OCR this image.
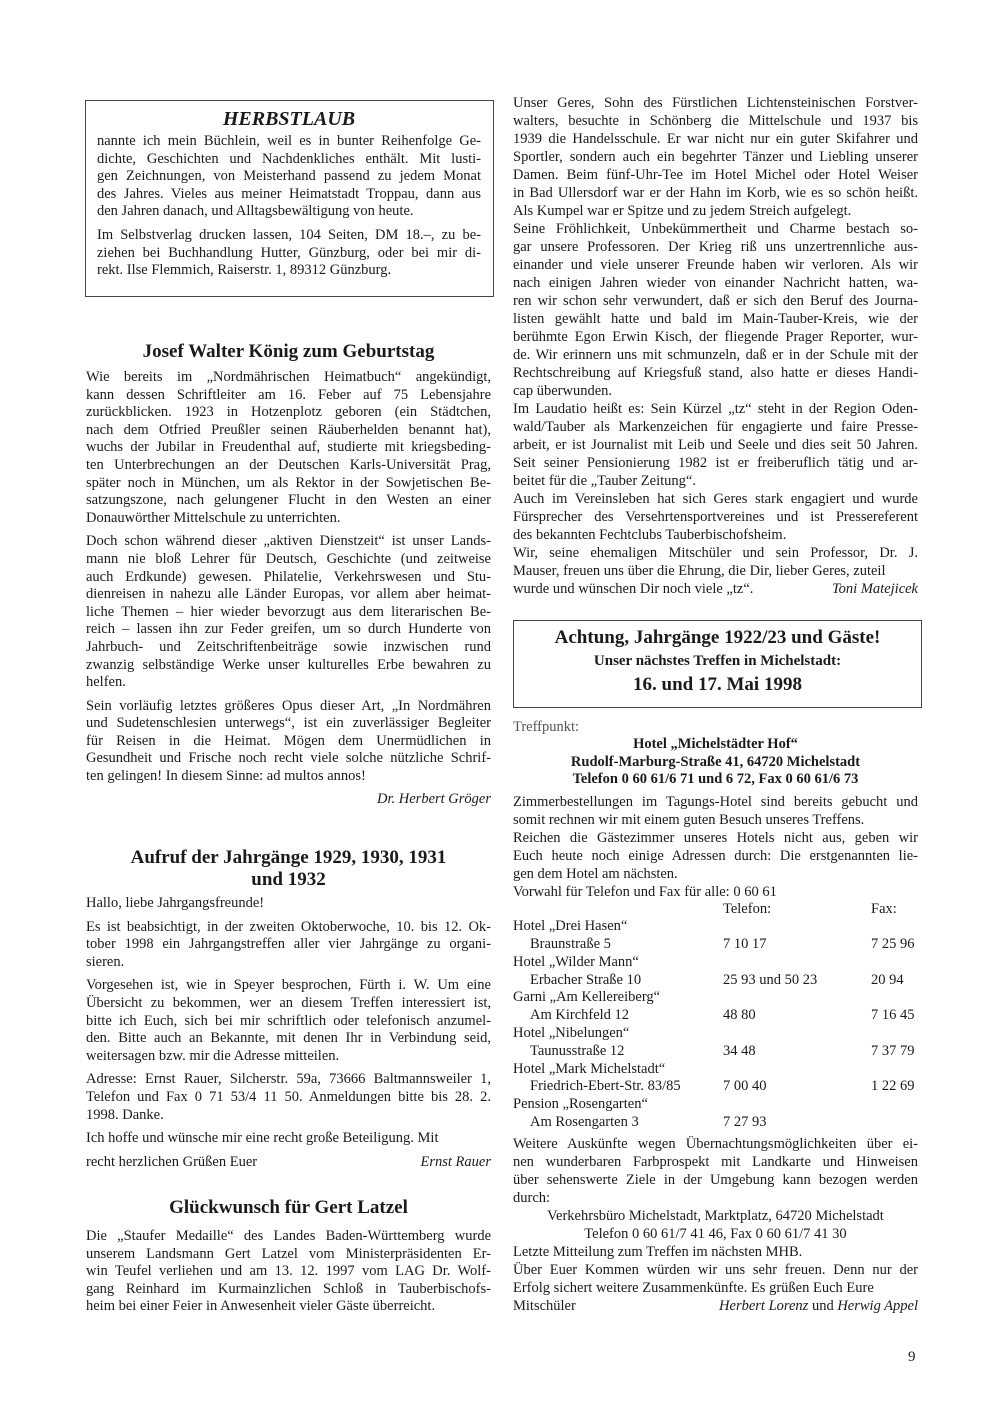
HERBSTLAUB
nannte ich mein Büchlein, weil es in bunter Reihenfolge Ge-
dichte, Geschichten und Nachdenkliches enthält. Mit lusti-
gen Zeichnungen, von Meisterhand passend zu jedem Monat
des Jahres. Vieles aus meiner Heimatstadt Troppau, dann aus
den Jahren danach, und Alltagsbewältigung von heute.
Im Selbstverlag drucken lassen, 104 Seiten, DM 18.–, zu be-
ziehen bei Buchhandlung Hutter, Günzburg, oder bei mir di-
rekt. Ilse Flemmich, Raiserstr. 1, 89312 Günzburg.
Josef Walter König zum Geburtstag
Wie bereits im „Nordmährischen Heimatbuch“ angekündigt,
kann dessen Schriftleiter am 16. Feber auf 75 Lebensjahre
zurückblicken. 1923 in Hotzenplotz geboren (ein Städtchen,
nach dem Otfried Preußler seinen Räuberhelden benannt hat),
wuchs der Jubilar in Freudenthal auf, studierte mit kriegsbeding-
ten Unterbrechungen an der Deutschen Karls-Universität Prag,
später noch in München, um als Rektor in der Sowjetischen Be-
satzungszone, nach gelungener Flucht in den Westen an einer
Donauwörther Mittelschule zu unterrichten.
Doch schon während dieser „aktiven Dienstzeit“ ist unser Lands-
mann nie bloß Lehrer für Deutsch, Geschichte (und zeitweise
auch Erdkunde) gewesen. Philatelie, Verkehrswesen und Stu-
dienreisen in nahezu alle Länder Europas, vor allem aber heimat-
liche Themen – hier wieder bevorzugt aus dem literarischen Be-
reich – lassen ihn zur Feder greifen, um so durch Hunderte von
Jahrbuch- und Zeitschriftenbeiträge sowie inzwischen rund
zwanzig selbständige Werke unser kulturelles Erbe bewahren zu
helfen.
Sein vorläufig letztes größeres Opus dieser Art, „In Nordmähren
und Sudetenschlesien unterwegs“, ist ein zuverlässiger Begleiter
für Reisen in die Heimat. Mögen dem Unermüdlichen in
Gesundheit und Frische noch recht viele solche nützliche Schrif-
ten gelingen! In diesem Sinne: ad multos annos!
Dr. Herbert Gröger
Aufruf der Jahrgänge 1929, 1930, 1931
und 1932
Hallo, liebe Jahrgangsfreunde!
Es ist beabsichtigt, in der zweiten Oktoberwoche, 10. bis 12. Ok-
tober 1998 ein Jahrgangstreffen aller vier Jahrgänge zu organi-
sieren.
Vorgesehen ist, wie in Speyer besprochen, Fürth i. W. Um eine
Übersicht zu bekommen, wer an diesem Treffen interessiert ist,
bitte ich Euch, sich bei mir schriftlich oder telefonisch anzumel-
den. Bitte auch an Bekannte, mit denen Ihr in Verbindung seid,
weitersagen bzw. mir die Adresse mitteilen.
Adresse: Ernst Rauer, Silcherstr. 59a, 73666 Baltmannsweiler 1,
Telefon und Fax 0 71 53/4 11 50. Anmeldungen bitte bis 28. 2.
1998. Danke.
Ich hoffe und wünsche mir eine recht große Beteiligung. Mit
recht herzlichen Grüßen Euer	Ernst Rauer
Glückwunsch für Gert Latzel
Die „Staufer Medaille“ des Landes Baden-Württemberg wurde
unserem Landsmann Gert Latzel vom Ministerpräsidenten Er-
win Teufel verliehen und am 13. 12. 1997 vom LAG Dr. Wolf-
gang Reinhard im Kurmainzlichen Schloß in Tauberbischofs-
heim bei einer Feier in Anwesenheit vieler Gäste überreicht.
Unser Geres, Sohn des Fürstlichen Lichtensteinischen Forstver-
walters, besuchte in Schönberg die Mittelschule und 1937 bis
1939 die Handelsschule. Er war nicht nur ein guter Skifahrer und
Sportler, sondern auch ein begehrter Tänzer und Liebling unserer
Damen. Beim fünf-Uhr-Tee im Hotel Michel oder Hotel Weiser
in Bad Ullersdorf war er der Hahn im Korb, wie es so schön heißt.
Als Kumpel war er Spitze und zu jedem Streich aufgelegt.
Seine Fröhlichkeit, Unbekümmertheit und Charme bestach so-
gar unsere Professoren. Der Krieg riß uns unzertrennliche aus-
einander und viele unserer Freunde haben wir verloren. Als wir
nach einigen Jahren wieder von einander Nachricht hatten, wa-
ren wir schon sehr verwundert, daß er sich den Beruf des Journa-
listen gewählt hatte und bald im Main-Tauber-Kreis, wie der
berühmte Egon Erwin Kisch, der fliegende Prager Reporter, wur-
de. Wir erinnern uns mit schmunzeln, daß er in der Schule mit der
Rechtschreibung auf Kriegsfuß stand, also hatte er dieses Handi-
cap überwunden.
Im Laudatio heißt es: Sein Kürzel „tz“ steht in der Region Oden-
wald/Tauber als Markenzeichen für engagierte und faire Presse-
arbeit, er ist Journalist mit Leib und Seele und dies seit 50 Jahren.
Seit seiner Pensionierung 1982 ist er freiberuflich tätig und ar-
beitet für die „Tauber Zeitung“.
Auch im Vereinsleben hat sich Geres stark engagiert und wurde
Fürsprecher des Versehrtensportvereines und ist Pressereferent
des bekannten Fechtclubs Tauberbischofsheim.
Wir, seine ehemaligen Mitschüler und sein Professor, Dr. J.
Mauser, freuen uns über die Ehrung, die Dir, lieber Geres, zuteil
wurde und wünschen Dir noch viele „tz“.	Toni Matejicek
Achtung, Jahrgänge 1922/23 und Gäste!
Unser nächstes Treffen in Michelstadt:
16. und 17. Mai 1998
Treffpunkt:
Hotel „Michelstädter Hof“
Rudolf-Marburg-Straße 41, 64720 Michelstadt
Telefon 0 60 61/6 71 und 6 72, Fax 0 60 61/6 73
Zimmerbestellungen im Tagungs-Hotel sind bereits gebucht und
somit rechnen wir mit einem guten Besuch unseres Treffens.
Reichen die Gästezimmer unseres Hotels nicht aus, geben wir
Euch heute noch einige Adressen durch: Die erstgenannten lie-
gen dem Hotel am nächsten.
Vorwahl für Telefon und Fax für alle: 0 60 61
Telefon:	Fax:
Hotel „Drei Hasen“
Braunstraße 5	7 10 17	7 25 96
Hotel „Wilder Mann“
Erbacher Straße 10	25 93 und 50 23	20 94
Garni „Am Kellereiberg“
Am Kirchfeld 12	48 80	7 16 45
Hotel „Nibelungen“
Taunusstraße 12	34 48	7 37 79
Hotel „Mark Michelstadt“
Friedrich-Ebert-Str. 83/85	7 00 40	1 22 69
Pension „Rosengarten“
Am Rosengarten 3	7 27 93
Weitere Auskünfte wegen Übernachtungsmöglichkeiten über ei-
nen wunderbaren Farbprospekt mit Landkarte und Hinweisen
über sehenswerte Ziele in der Umgebung kann bezogen werden
durch:
Verkehrsbüro Michelstadt, Marktplatz, 64720 Michelstadt
Telefon 0 60 61/7 41 46, Fax 0 60 61/7 41 30
Letzte Mitteilung zum Treffen im nächsten MHB.
Über Euer Kommen würden wir uns sehr freuen. Denn nur der
Erfolg sichert weitere Zusammenkünfte. Es grüßen Euch Eure
Mitschüler	Herbert Lorenz und Herwig Appel
9
